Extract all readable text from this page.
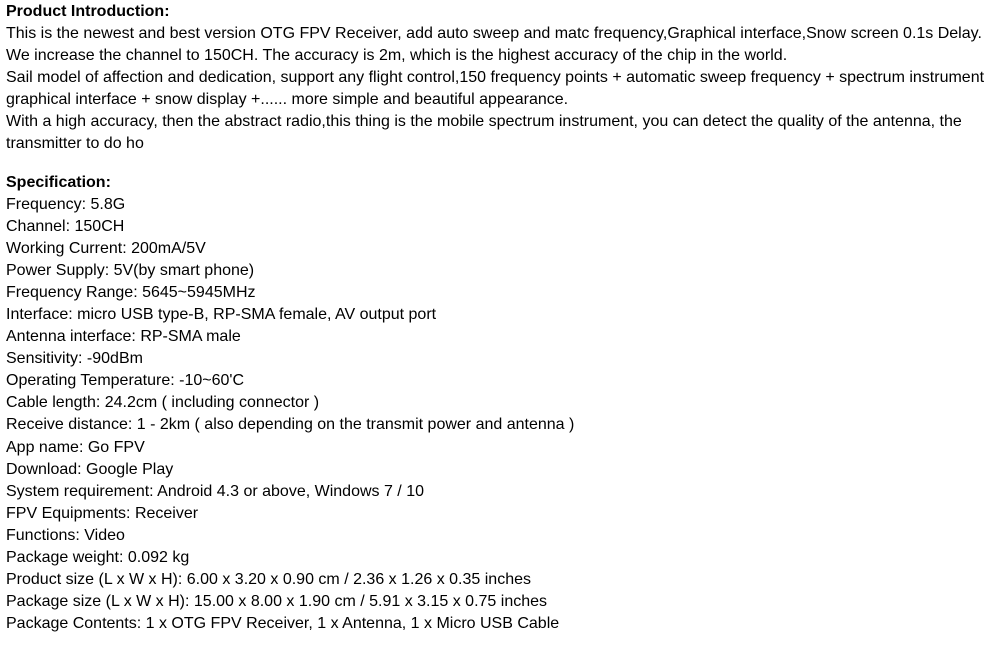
Product Introduction:
This is the newest and best version OTG FPV Receiver, add auto sweep and matc frequency,Graphical interface,Snow screen 0.1s Delay.
We increase the channel to 150CH. The accuracy is 2m, which is the highest accuracy of the chip in the world.
Sail model of affection and dedication, support any flight control,150 frequency points + automatic sweep frequency + spectrum instrument graphical interface + snow display +...... more simple and beautiful appearance.
With a high accuracy, then the abstract radio,this thing is the mobile spectrum instrument, you can detect the quality of the antenna, the transmitter to do ho
Specification:
Frequency: 5.8G
Channel: 150CH
Working Current: 200mA/5V
Power Supply: 5V(by smart phone)
Frequency Range: 5645~5945MHz
Interface: micro USB type-B, RP-SMA female, AV output port
Antenna interface: RP-SMA male
Sensitivity: -90dBm
Operating Temperature: -10~60'C
Cable length: 24.2cm ( including connector )
Receive distance: 1 - 2km ( also depending on the transmit power and antenna )
App name: Go FPV
Download: Google Play
System requirement: Android 4.3 or above, Windows 7 / 10
FPV Equipments: Receiver
Functions: Video
Package weight: 0.092 kg
Product size (L x W x H): 6.00 x 3.20 x 0.90 cm / 2.36 x 1.26 x 0.35 inches
Package size (L x W x H): 15.00 x 8.00 x 1.90 cm / 5.91 x 3.15 x 0.75 inches
Package Contents: 1 x OTG FPV Receiver, 1 x Antenna, 1 x Micro USB Cable
